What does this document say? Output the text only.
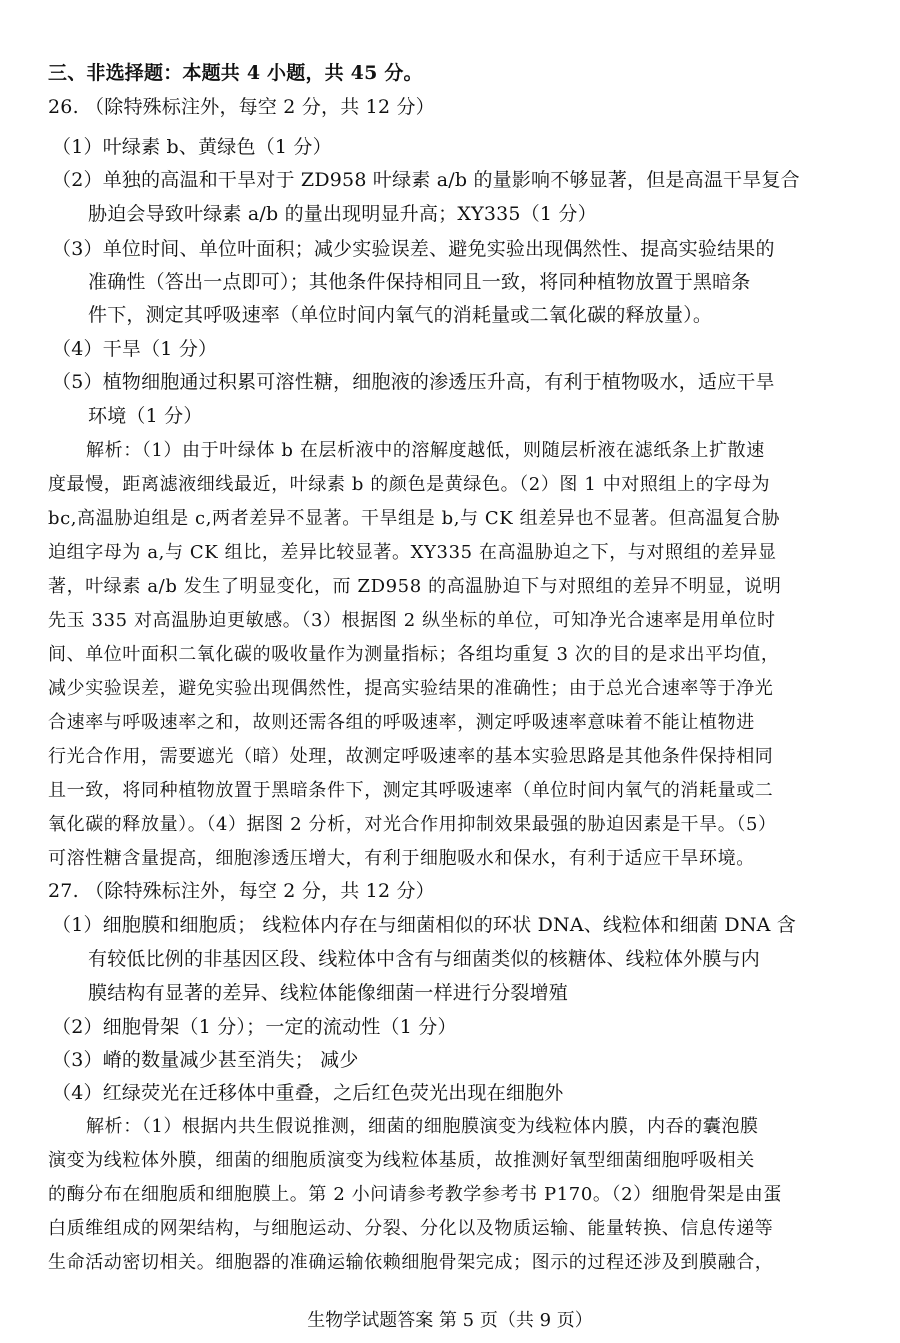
三、非选择题：本题共 4 小题，共 45 分。
26. （除特殊标注外，每空 2 分，共 12 分）
（1）叶绿素 b、黄绿色（1 分）
（2）单独的高温和干旱对于 ZD958 叶绿素 a/b 的量影响不够显著，但是高温干旱复合
胁迫会导致叶绿素 a/b 的量出现明显升高；XY335（1 分）
（3）单位时间、单位叶面积；减少实验误差、避免实验出现偶然性、提高实验结果的
准确性（答出一点即可）；其他条件保持相同且一致，将同种植物放置于黑暗条
件下，测定其呼吸速率（单位时间内氧气的消耗量或二氧化碳的释放量）。
（4）干旱（1 分）
（5）植物细胞通过积累可溶性糖，细胞液的渗透压升高，有利于植物吸水，适应干旱
环境（1 分）
解析：（1）由于叶绿体 b 在层析液中的溶解度越低，则随层析液在滤纸条上扩散速
度最慢，距离滤液细线最近，叶绿素 b 的颜色是黄绿色。（2）图 1 中对照组上的字母为
bc,高温胁迫组是 c,两者差异不显著。干旱组是 b,与 CK 组差异也不显著。但高温复合胁
迫组字母为 a,与 CK 组比，差异比较显著。XY335 在高温胁迫之下，与对照组的差异显
著，叶绿素 a/b 发生了明显变化，而 ZD958 的高温胁迫下与对照组的差异不明显，说明
先玉 335 对高温胁迫更敏感。（3）根据图 2 纵坐标的单位，可知净光合速率是用单位时
间、单位叶面积二氧化碳的吸收量作为测量指标；各组均重复 3 次的目的是求出平均值，
减少实验误差，避免实验出现偶然性，提高实验结果的准确性；由于总光合速率等于净光
合速率与呼吸速率之和，故则还需各组的呼吸速率，测定呼吸速率意味着不能让植物进
行光合作用，需要遮光（暗）处理，故测定呼吸速率的基本实验思路是其他条件保持相同
且一致，将同种植物放置于黑暗条件下，测定其呼吸速率（单位时间内氧气的消耗量或二
氧化碳的释放量）。（4）据图 2 分析，对光合作用抑制效果最强的胁迫因素是干旱。（5）
可溶性糖含量提高，细胞渗透压增大，有利于细胞吸水和保水，有利于适应干旱环境。
27. （除特殊标注外，每空 2 分，共 12 分）
（1）细胞膜和细胞质； 线粒体内存在与细菌相似的环状 DNA、线粒体和细菌 DNA 含
有较低比例的非基因区段、线粒体中含有与细菌类似的核糖体、线粒体外膜与内
膜结构有显著的差异、线粒体能像细菌一样进行分裂增殖
（2）细胞骨架（1 分）；一定的流动性（1 分）
（3）嵴的数量减少甚至消失； 减少
（4）红绿荧光在迁移体中重叠，之后红色荧光出现在细胞外
解析：（1）根据内共生假说推测，细菌的细胞膜演变为线粒体内膜，内吞的囊泡膜
演变为线粒体外膜，细菌的细胞质演变为线粒体基质，故推测好氧型细菌细胞呼吸相关
的酶分布在细胞质和细胞膜上。第 2 小问请参考教学参考书 P170。（2）细胞骨架是由蛋
白质维组成的网架结构，与细胞运动、分裂、分化以及物质运输、能量转换、信息传递等
生命活动密切相关。细胞器的准确运输依赖细胞骨架完成；图示的过程还涉及到膜融合，
生物学试题答案 第 5 页（共 9 页）
